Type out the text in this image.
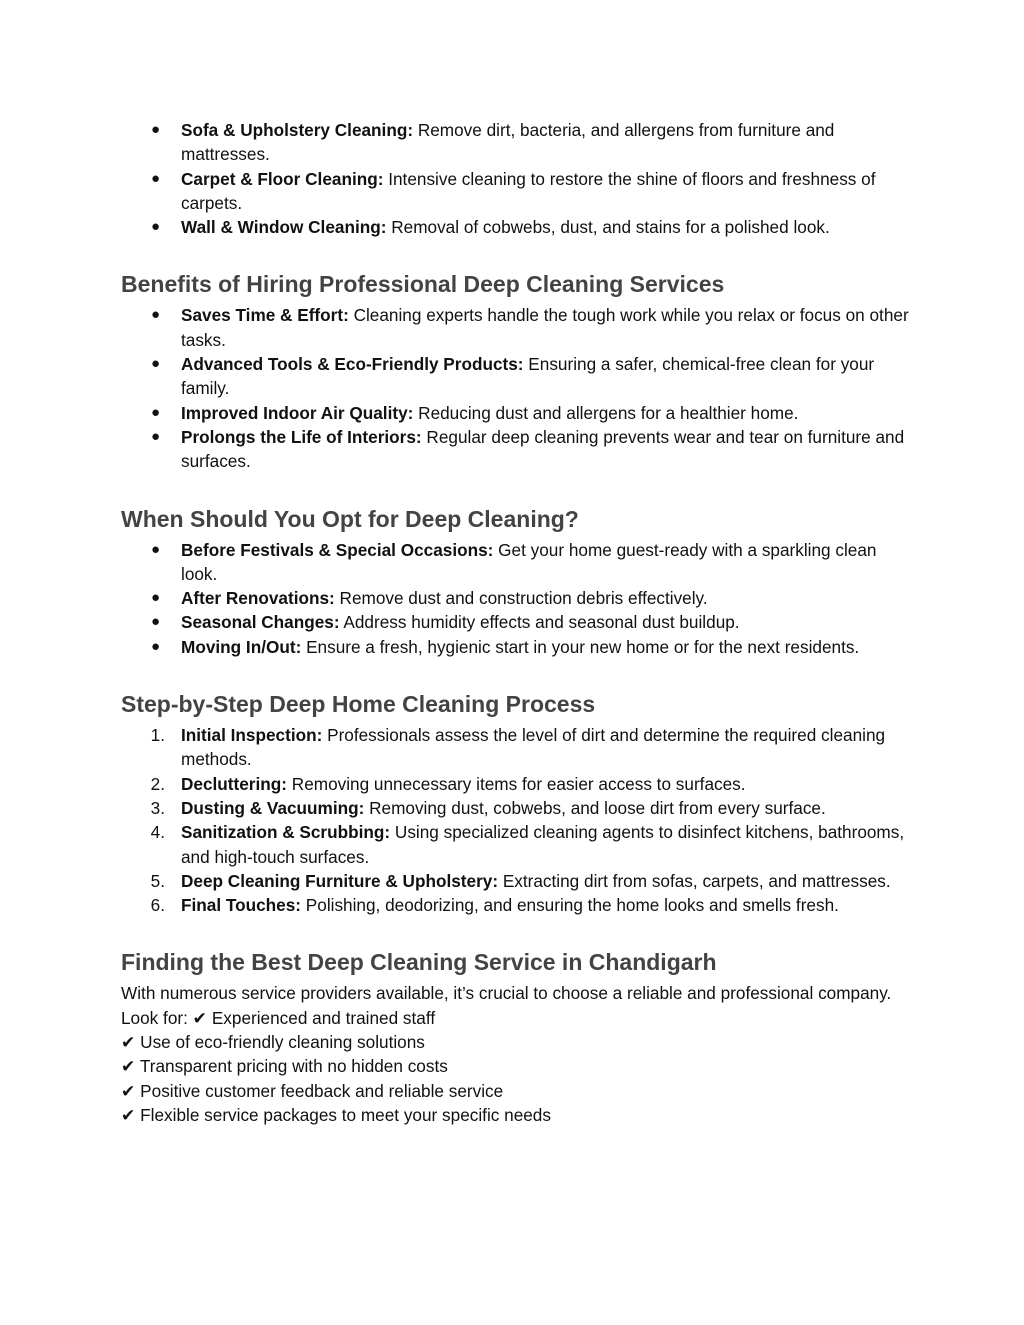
● Sofa & Upholstery Cleaning: Remove dirt, bacteria, and allergens from furniture and mattresses.
● Carpet & Floor Cleaning: Intensive cleaning to restore the shine of floors and freshness of carpets.
● Wall & Window Cleaning: Removal of cobwebs, dust, and stains for a polished look.
Benefits of Hiring Professional Deep Cleaning Services
● Saves Time & Effort: Cleaning experts handle the tough work while you relax or focus on other tasks.
● Advanced Tools & Eco-Friendly Products: Ensuring a safer, chemical-free clean for your family.
● Improved Indoor Air Quality: Reducing dust and allergens for a healthier home.
● Prolongs the Life of Interiors: Regular deep cleaning prevents wear and tear on furniture and surfaces.
When Should You Opt for Deep Cleaning?
● Before Festivals & Special Occasions: Get your home guest-ready with a sparkling clean look.
● After Renovations: Remove dust and construction debris effectively.
● Seasonal Changes: Address humidity effects and seasonal dust buildup.
● Moving In/Out: Ensure a fresh, hygienic start in your new home or for the next residents.
Step-by-Step Deep Home Cleaning Process
1. Initial Inspection: Professionals assess the level of dirt and determine the required cleaning methods.
2. Decluttering: Removing unnecessary items for easier access to surfaces.
3. Dusting & Vacuuming: Removing dust, cobwebs, and loose dirt from every surface.
4. Sanitization & Scrubbing: Using specialized cleaning agents to disinfect kitchens, bathrooms, and high-touch surfaces.
5. Deep Cleaning Furniture & Upholstery: Extracting dirt from sofas, carpets, and mattresses.
6. Final Touches: Polishing, deodorizing, and ensuring the home looks and smells fresh.
Finding the Best Deep Cleaning Service in Chandigarh

With numerous service providers available, it’s crucial to choose a reliable and professional company. Look for: ✔ Experienced and trained staff

✔ Use of eco-friendly cleaning solutions
✔ Transparent pricing with no hidden costs
✔ Positive customer feedback and reliable service
✔ Flexible service packages to meet your specific needs
